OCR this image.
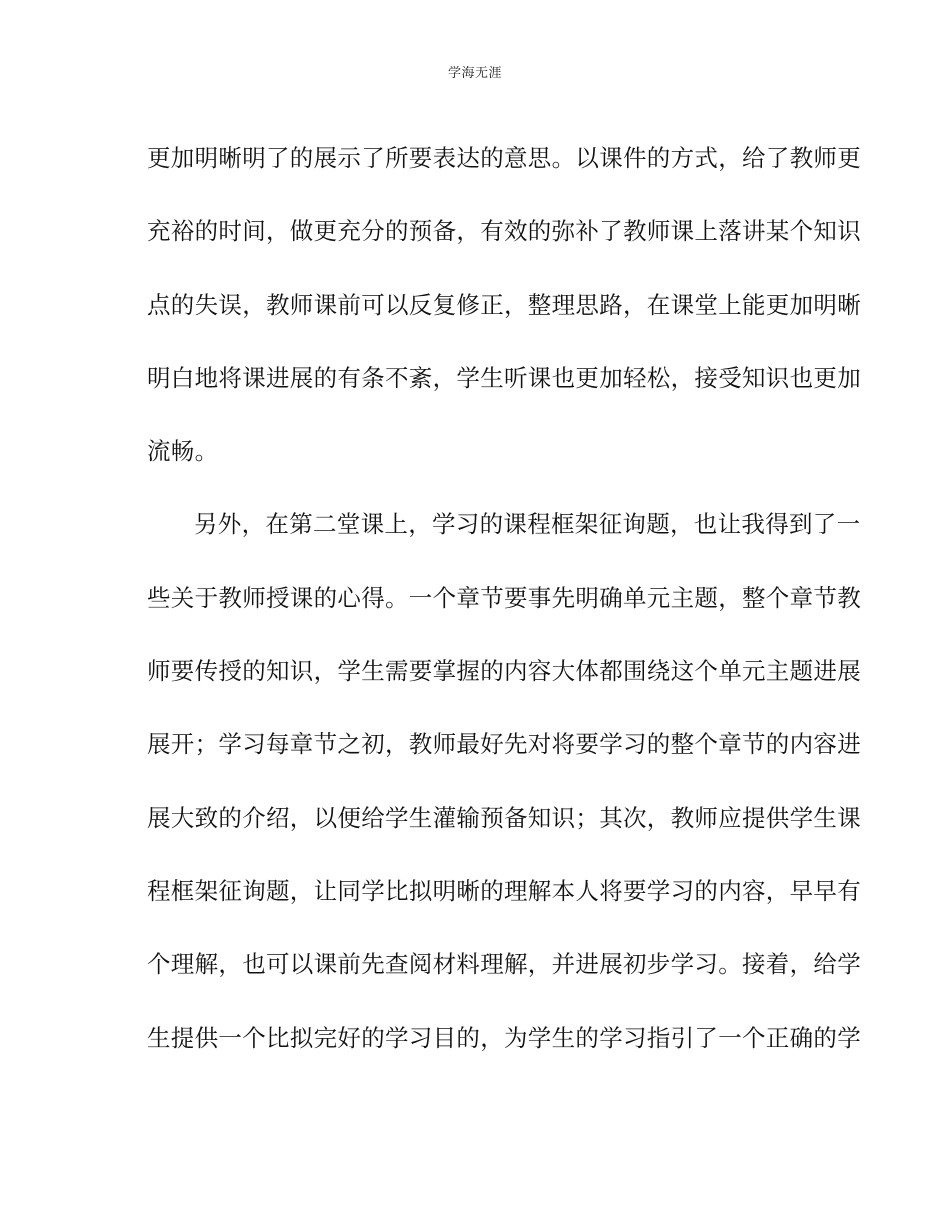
学海无涯
更加明晰明了的展示了所要表达的意思。以课件的方式，给了教师更
充裕的时间，做更充分的预备，有效的弥补了教师课上落讲某个知识
点的失误，教师课前可以反复修正，整理思路，在课堂上能更加明晰
明白地将课进展的有条不紊，学生听课也更加轻松，接受知识也更加
流畅。
另外，在第二堂课上，学习的课程框架征询题，也让我得到了一
些关于教师授课的心得。一个章节要事先明确单元主题，整个章节教
师要传授的知识，学生需要掌握的内容大体都围绕这个单元主题进展
展开；学习每章节之初，教师最好先对将要学习的整个章节的内容进
展大致的介绍，以便给学生灌输预备知识；其次，教师应提供学生课
程框架征询题，让同学比拟明晰的理解本人将要学习的内容，早早有
个理解，也可以课前先查阅材料理解，并进展初步学习。接着，给学
生提供一个比拟完好的学习目的，为学生的学习指引了一个正确的学
